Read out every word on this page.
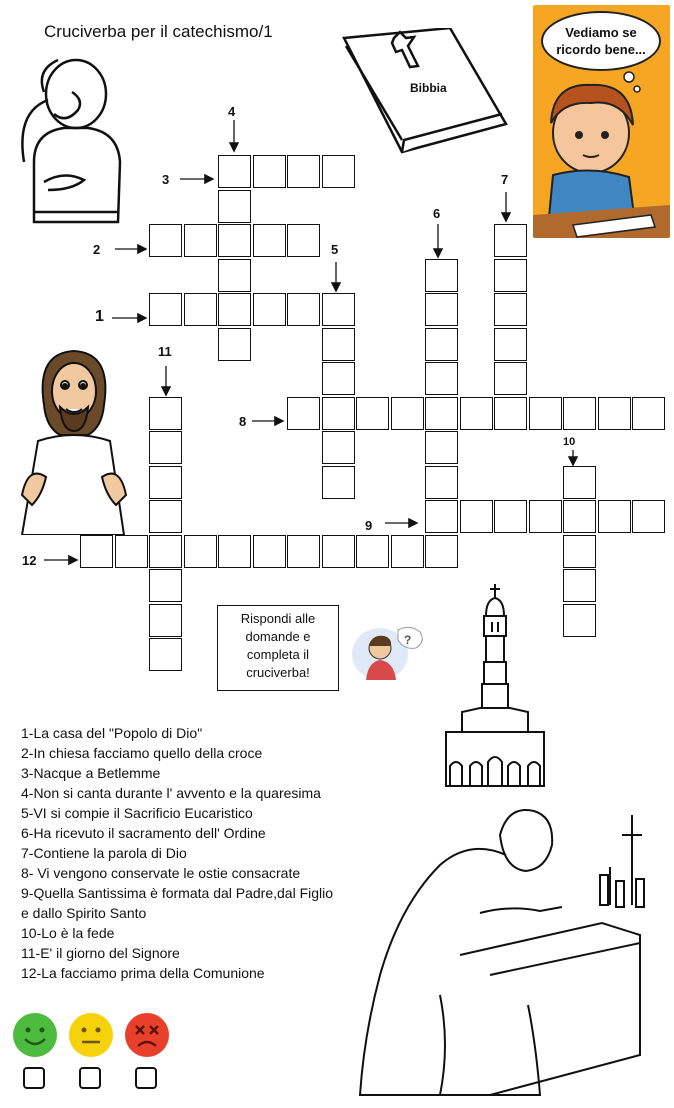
Cruciverba per il catechismo/1
Bibbia
Vediamo se ricordo bene...
3
4
2
1
5
6
7
8
9
10
11
12
Rispondi alle domande e completa il cruciverba!
?
1-La casa del "Popolo di Dio"
2-In chiesa facciamo quello della croce
3-Nacque a Betlemme
4-Non si canta durante l' avvento e la quaresima
5-VI si compie il Sacrificio Eucaristico
6-Ha ricevuto il sacramento dell' Ordine
7-Contiene la parola di Dio
8- Vi vengono conservate le ostie consacrate
9-Quella Santissima è formata dal Padre,dal Figlio e dallo Spirito Santo
10-Lo è la fede
11-E' il giorno del Signore
12-La facciamo prima della Comunione
